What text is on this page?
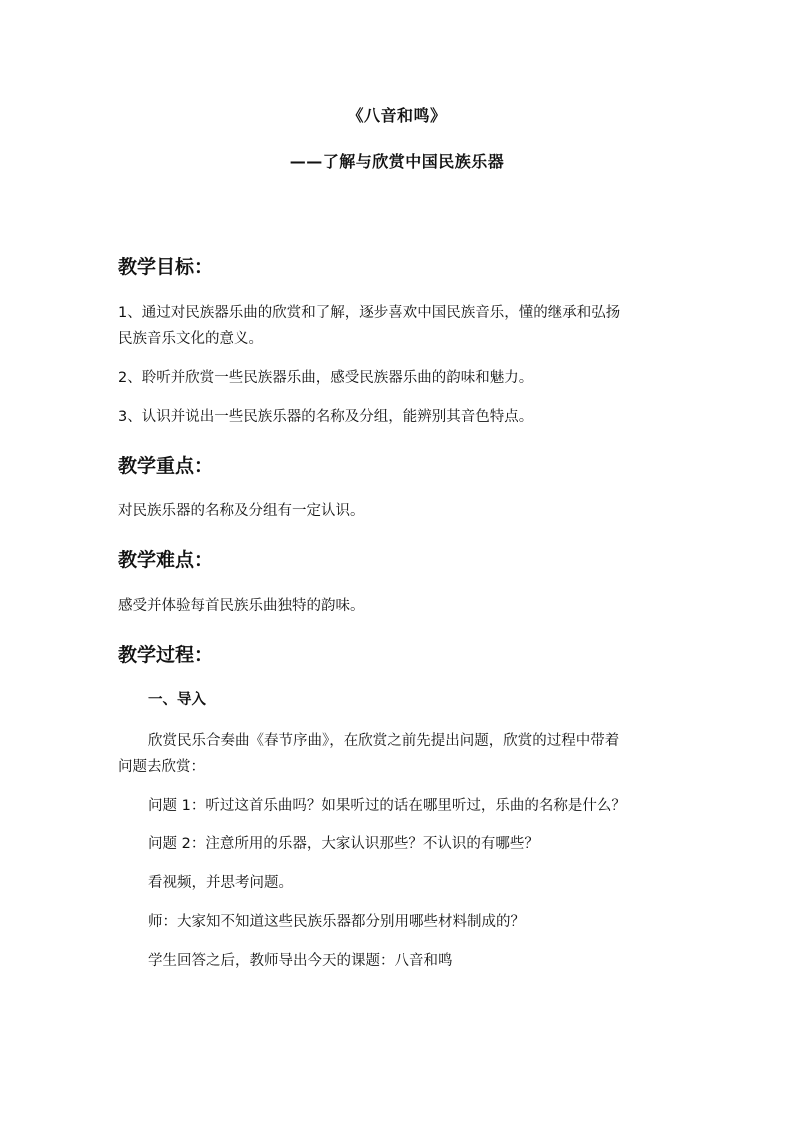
《八音和鸣》
——了解与欣赏中国民族乐器
教学目标：
1、通过对民族器乐曲的欣赏和了解，逐步喜欢中国民族音乐，懂的继承和弘扬
民族音乐文化的意义。
2、聆听并欣赏一些民族器乐曲，感受民族器乐曲的韵味和魅力。
3、认识并说出一些民族乐器的名称及分组，能辨别其音色特点。
教学重点：
对民族乐器的名称及分组有一定认识。
教学难点：
感受并体验每首民族乐曲独特的韵味。
教学过程：
一、导入
欣赏民乐合奏曲《春节序曲》，在欣赏之前先提出问题，欣赏的过程中带着
问题去欣赏：
问题 1：听过这首乐曲吗？如果听过的话在哪里听过，乐曲的名称是什么？
问题 2：注意所用的乐器，大家认识那些？不认识的有哪些？
看视频，并思考问题。
师：大家知不知道这些民族乐器都分别用哪些材料制成的？
学生回答之后，教师导出今天的课题：八音和鸣
